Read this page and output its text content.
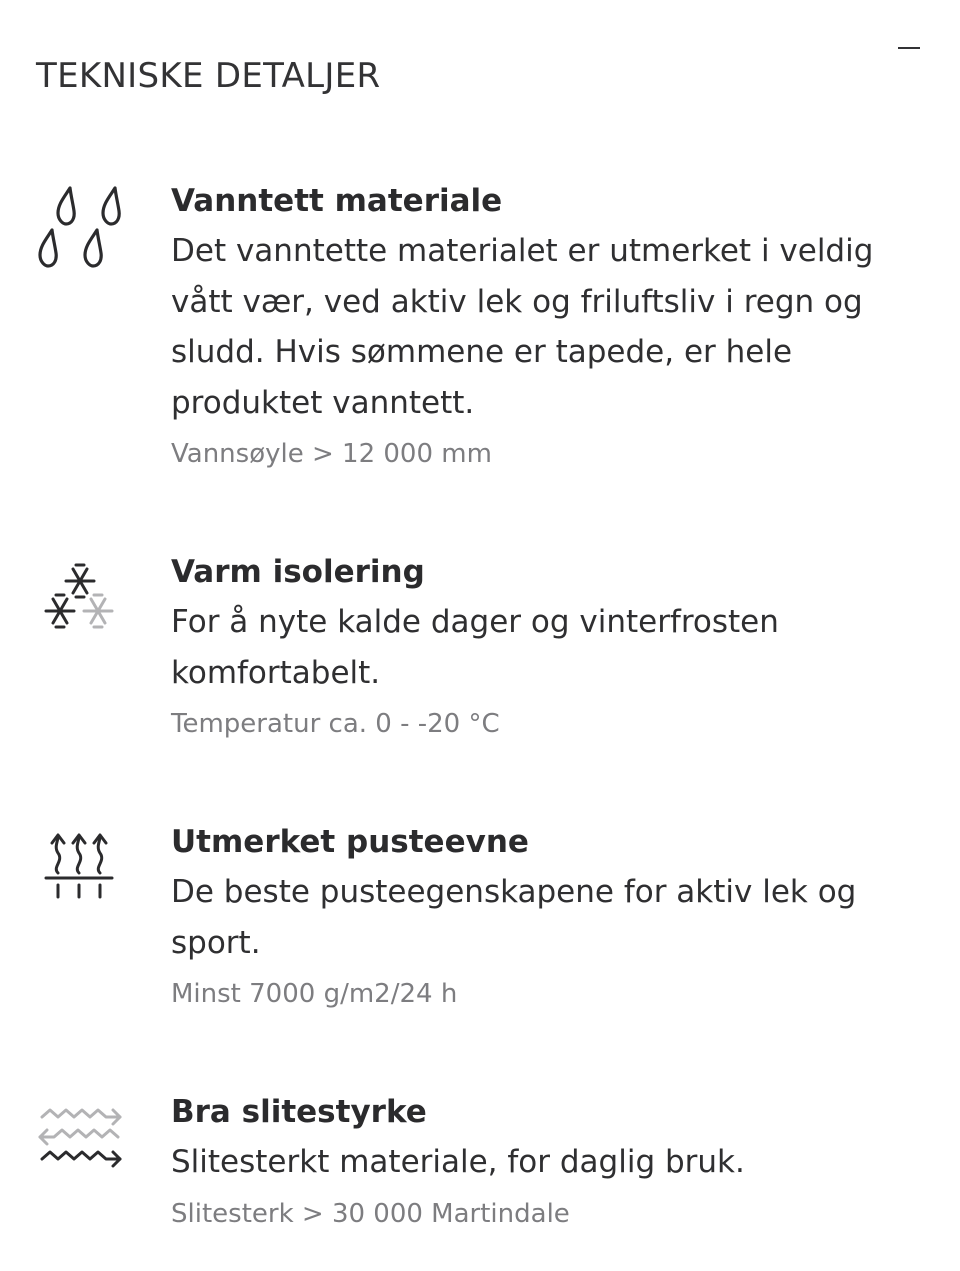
TEKNISKE DETALJER
Vanntett materiale

Det vanntette materialet er utmerket i veldig
vått vær, ved aktiv lek og friluftsliv i regn og
sludd. Hvis sømmene er tapede, er hele
produktet vanntett.

Vannsøyle > 12 000 mm

Varm isolering

For å nyte kalde dager og vinterfrosten
komfortabelt.

Temperatur ca. 0 - -20 °C

Utmerket pusteevne

De beste pusteegenskapene for aktiv lek og
sport.

Minst 7000 g/m2/24 h

Bra slitestyrke

Slitesterkt materiale, for daglig bruk.

Slitesterk > 30 000 Martindale
